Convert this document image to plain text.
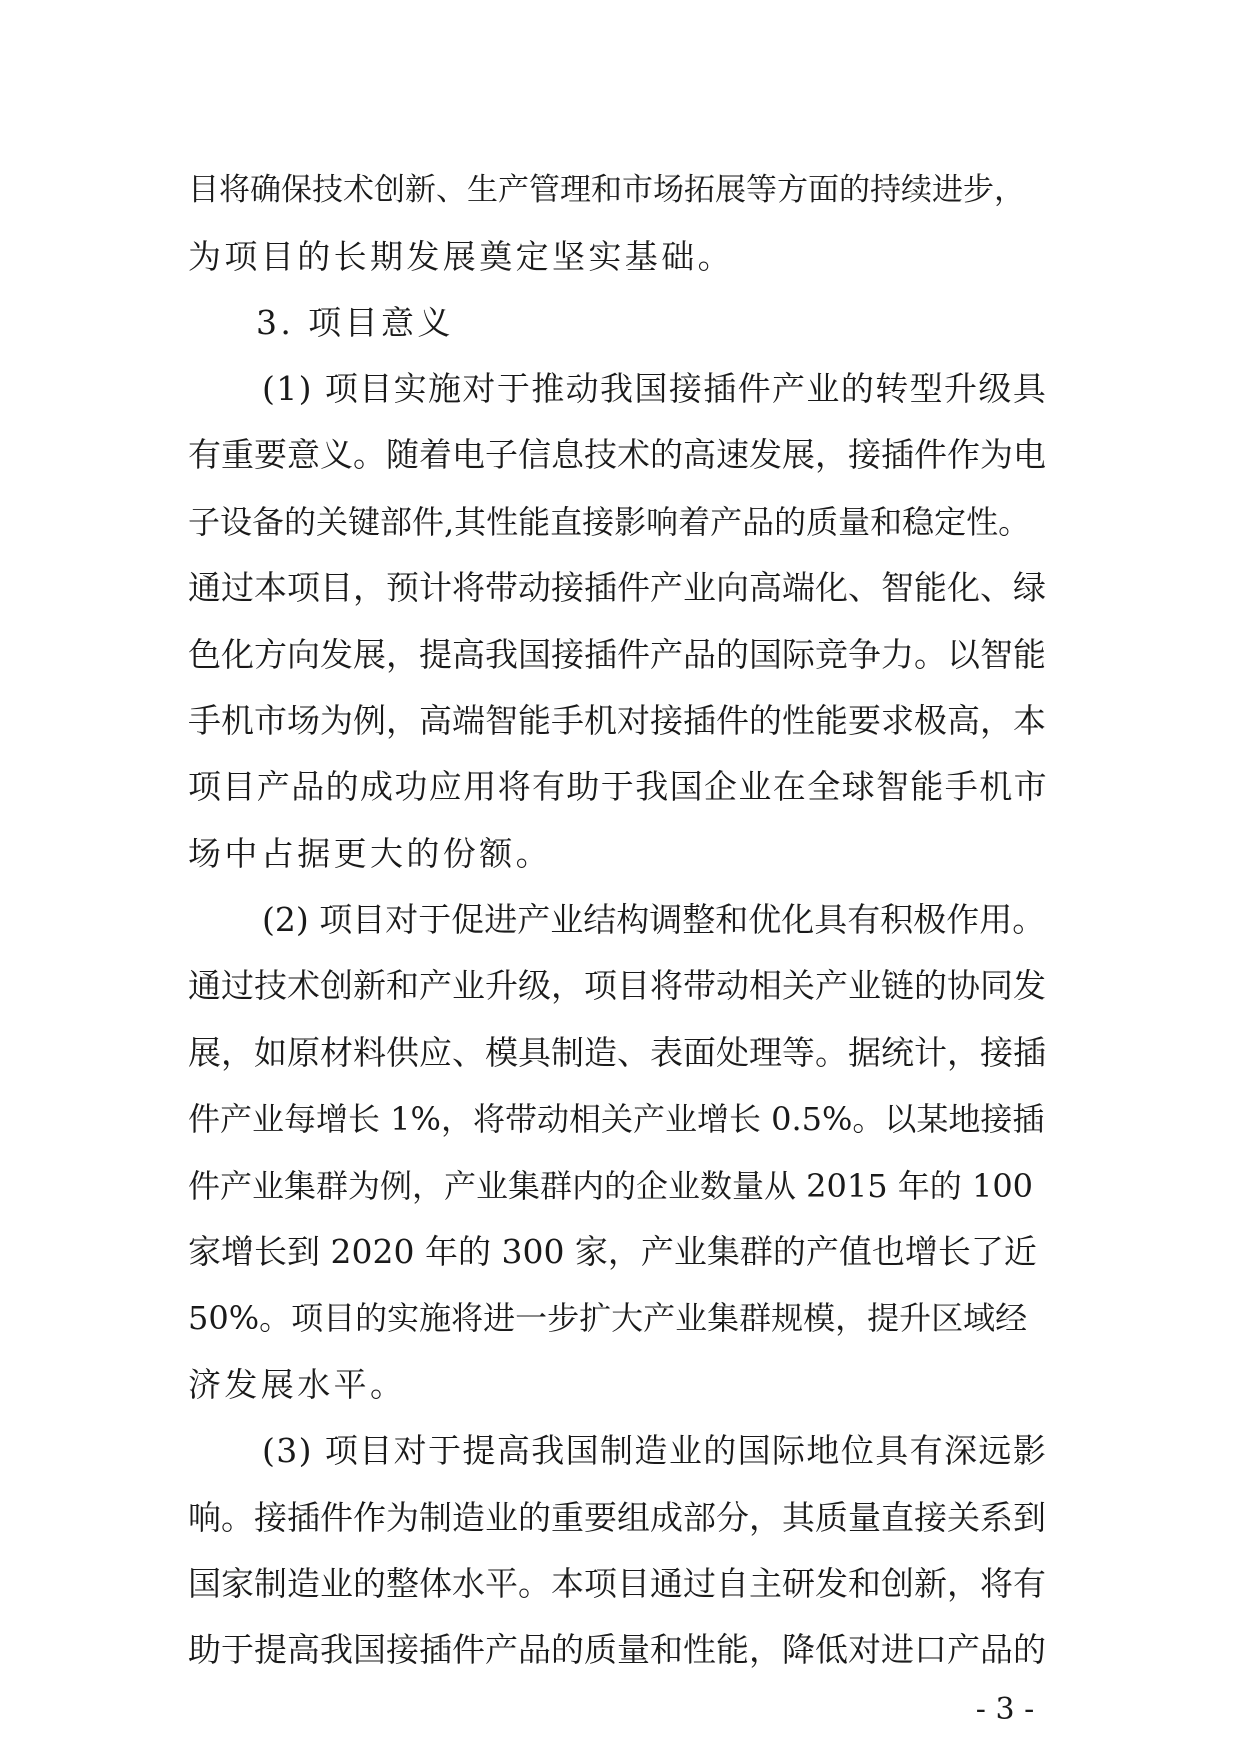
目将确保技术创新、生产管理和市场拓展等方面的持续进步，
为项目的长期发展奠定坚实基础。
3. 项目意义
(1) 项目实施对于推动我国接插件产业的转型升级具
有重要意义。随着电子信息技术的高速发展，接插件作为电
子设备的关键部件,其性能直接影响着产品的质量和稳定性。
通过本项目，预计将带动接插件产业向高端化、智能化、绿
色化方向发展，提高我国接插件产品的国际竞争力。以智能
手机市场为例，高端智能手机对接插件的性能要求极高，本
项目产品的成功应用将有助于我国企业在全球智能手机市
场中占据更大的份额。
(2) 项目对于促进产业结构调整和优化具有积极作用。
通过技术创新和产业升级，项目将带动相关产业链的协同发
展，如原材料供应、模具制造、表面处理等。据统计，接插
件产业每增长 1%，将带动相关产业增长 0.5%。以某地接插
件产业集群为例，产业集群内的企业数量从 2015 年的 100
家增长到 2020 年的 300 家，产业集群的产值也增长了近
50%。项目的实施将进一步扩大产业集群规模，提升区域经
济发展水平。
(3) 项目对于提高我国制造业的国际地位具有深远影
响。接插件作为制造业的重要组成部分，其质量直接关系到
国家制造业的整体水平。本项目通过自主研发和创新，将有
助于提高我国接插件产品的质量和性能，降低对进口产品的
- 3 -
